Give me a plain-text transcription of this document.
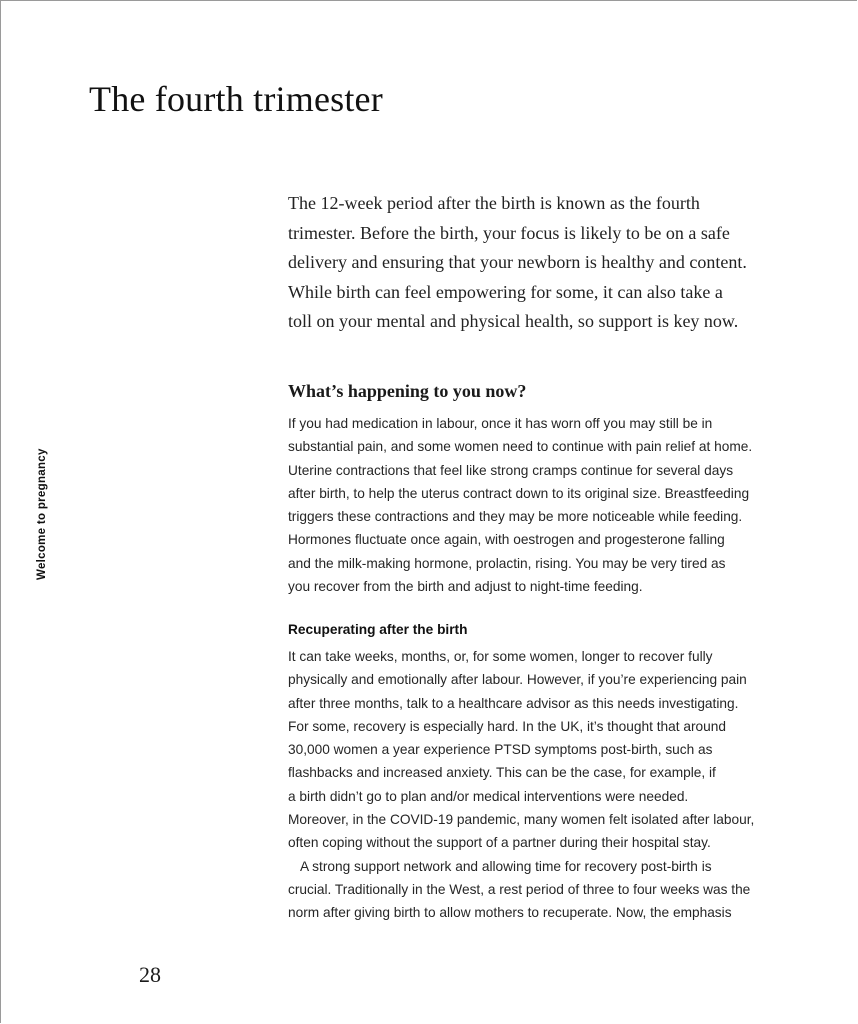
The fourth trimester
The 12-week period after the birth is known as the fourth
trimester. Before the birth, your focus is likely to be on a safe
delivery and ensuring that your newborn is healthy and content.
While birth can feel empowering for some, it can also take a
toll on your mental and physical health, so support is key now.
What’s happening to you now?
If you had medication in labour, once it has worn off you may still be in
substantial pain, and some women need to continue with pain relief at home.
Uterine contractions that feel like strong cramps continue for several days
after birth, to help the uterus contract down to its original size. Breastfeeding
triggers these contractions and they may be more noticeable while feeding.
Hormones fluctuate once again, with oestrogen and progesterone falling
and the milk-making hormone, prolactin, rising. You may be very tired as
you recover from the birth and adjust to night-time feeding.
Recuperating after the birth
It can take weeks, months, or, for some women, longer to recover fully
physically and emotionally after labour. However, if you’re experiencing pain
after three months, talk to a healthcare advisor as this needs investigating.
For some, recovery is especially hard. In the UK, it’s thought that around
30,000 women a year experience PTSD symptoms post-birth, such as
flashbacks and increased anxiety. This can be the case, for example, if
a birth didn’t go to plan and/or medical interventions were needed.
Moreover, in the COVID-19 pandemic, many women felt isolated after labour,
often coping without the support of a partner during their hospital stay.
A strong support network and allowing time for recovery post-birth is
crucial. Traditionally in the West, a rest period of three to four weeks was the
norm after giving birth to allow mothers to recuperate. Now, the emphasis
Welcome to pregnancy
28
